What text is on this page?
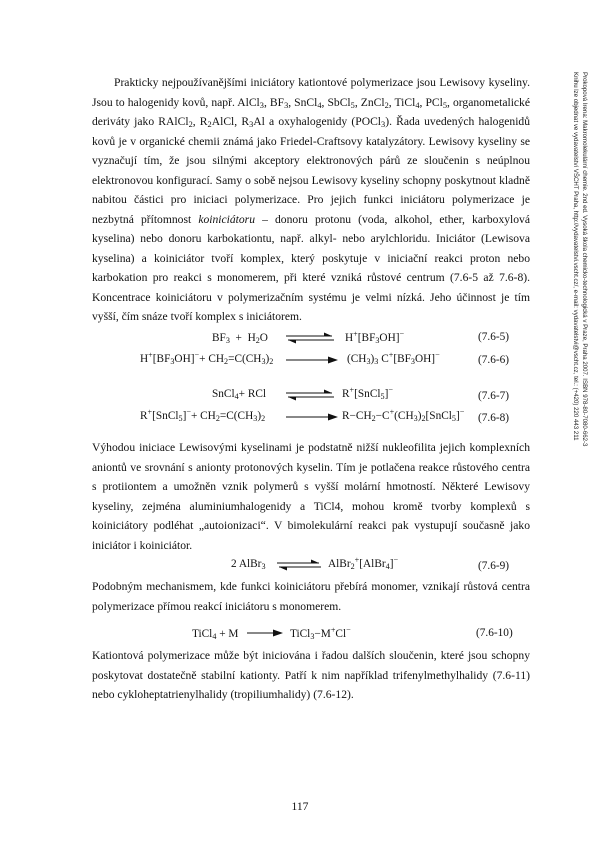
Prokopová Irena: Makromolekulární chemie. 2nd ed. Vysoká škola chemicko-technologická v Praze, Praha 2007. ISBN 978-80-7080-662-3
Knihu lze objednat ve vydavatelství VŠCHT Praha, http://vydavatelstvi.vscht.cz/, e-mail: vydavatelstvi@vscht.cz, tel.: (+420) 220 443 211

Prakticky nejpoužívanějšími iniciátory kationtové polymerizace jsou Lewisovy kyseliny. Jsou to halogenidy kovů, např. AlCl$_3$, $BF_3$, SnCl$_4$, SbCl$_5$, ZnCl$_2$, TiCl$_4$, PCl$_5$, organometalické deriváty jako RAlCl$_2$, $R_2AlCl$, $R_3Al$ a oxyhalogenidy (POCl$_3$). Řada uvedených halogenidů kovů je v organické chemii známá jako Friedel-Craftsovy katalyzátory. Lewisovy kyseliny se vyznačují tím, že jsou silnými akceptory elektronových párů ze sloučenin s neúplnou elektronovou konfigurací. Samy o sobě nejsou Lewisovy kyseliny schopny poskytnout kladně nabitou částici pro iniciaci polymerizace. Pro jejich funkci iniciátoru polymerizace je nezbytná přítomnost koiniciátoru – donoru protonu (voda, alkohol, ether, karboxylová kyselina) nebo donoru karbokationtu, např. alkyl- nebo arylchloridu. Iniciátor (Lewisova kyselina) a koiniciátor tvoří komplex, který poskytuje v iniciační reakci proton nebo karbokation pro reakci s monomerem, při které vzniká růstové centrum (7.6-5 až 7.6-8). Koncentrace koiniciátoru v polymerizačním systému je velmi nízká. Jeho účinnost je tím vyšší, čím snáze tvoří komplex s iniciátorem.

$BF_3 + H_2O$ ⇌ $H^+[BF_3OH]^-$	(7.6-5)
$H^+[BF_3OH]^-+ CH_2=C(CH_3)_2 \to (CH_3)_3$ $C^+[BF_3OH]^-$	(7.6-6)
SnCl$_4$+ RCl ⇌ R+[SnCl$_5$]−	(7.6-7)
R+[SnCl$_5$]−+ $CH_2=C(CH_3)_2$ → $R-CH_2-C^+(CH_3)_2[SnCl_5]^-$ (7.6-8)

Výhodou iniciace Lewisovými kyselinami je podstatně nižší nukleofilita jejich komplexních aniontů ve srovnání s anionty protonových kyselin. Tím je potlačena reakce růstového centra s protiiontem a umožněn vznik polymerů s vyšší molární hmotností. Některé Lewisovy kyseliny, zejména aluminiumhalogenidy a TiCl4, mohou kromě tvorby komplexů s koiniciátory podléhat „autoionizaci“. V bimolekulární reakci pak vystupují současně jako iniciátor i koiniciátor.

2 AlBr$_3$ ⇌ AlBr$_2$+[AlBr$_4$]−	(7.6-9)

Podobným mechanismem, kde funkci koiniciátoru přebírá monomer, vznikají růstová centra polymerizace přímou reakcí iniciátoru s monomerem.

TiCl$_4$ + M → TiCl$_3$−M+Cl−	(7.6-10)

Kationtová polymerizace může být iniciována i řadou dalších sloučenin, které jsou schopny poskytovat dostatečně stabilní kationty. Patří k nim například trifenylmethylhalidy (7.6-11) nebo cykloheptatrienylhalidy (tropiliumhalidy) (7.6-12).

117
